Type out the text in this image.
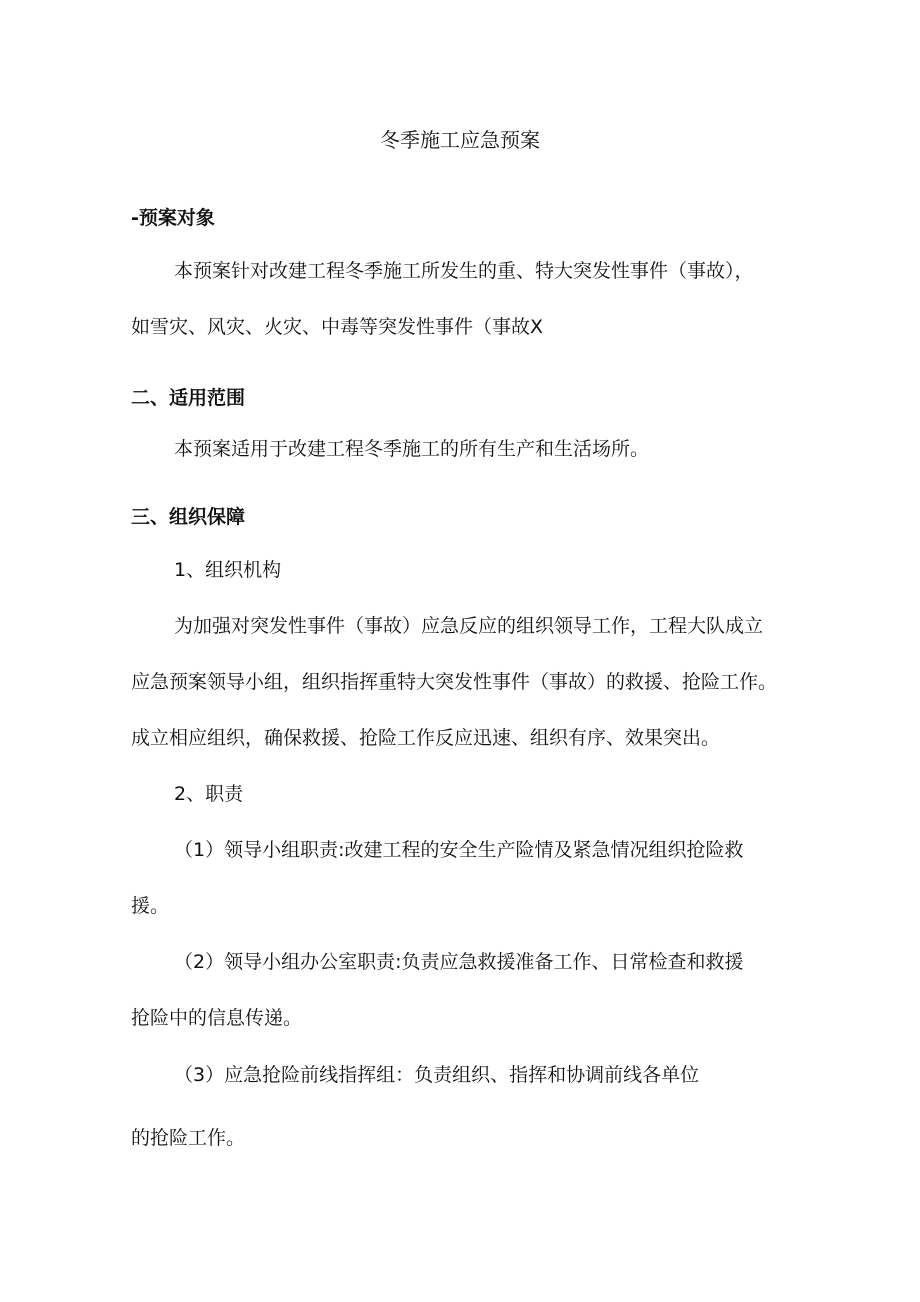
冬季施工应急预案
-预案对象

本预案针对改建工程冬季施工所发生的重、特大突发性事件（事故），

如雪灾、风灾、火灾、中毒等突发性事件（事故X

二、适用范围

本预案适用于改建工程冬季施工的所有生产和生活场所。

三、组织保障

1、组织机构

为加强对突发性事件（事故）应急反应的组织领导工作，工程大队成立

应急预案领导小组，组织指挥重特大突发性事件（事故）的救援、抢险工作。

成立相应组织，确保救援、抢险工作反应迅速、组织有序、效果突出。

2、职责

（1）领导小组职责:改建工程的安全生产险情及紧急情况组织抢险救

援。

（2）领导小组办公室职责:负责应急救援准备工作、日常检查和救援

抢险中的信息传递。

（3）应急抢险前线指挥组：负责组织、指挥和协调前线各单位

的抢险工作。
